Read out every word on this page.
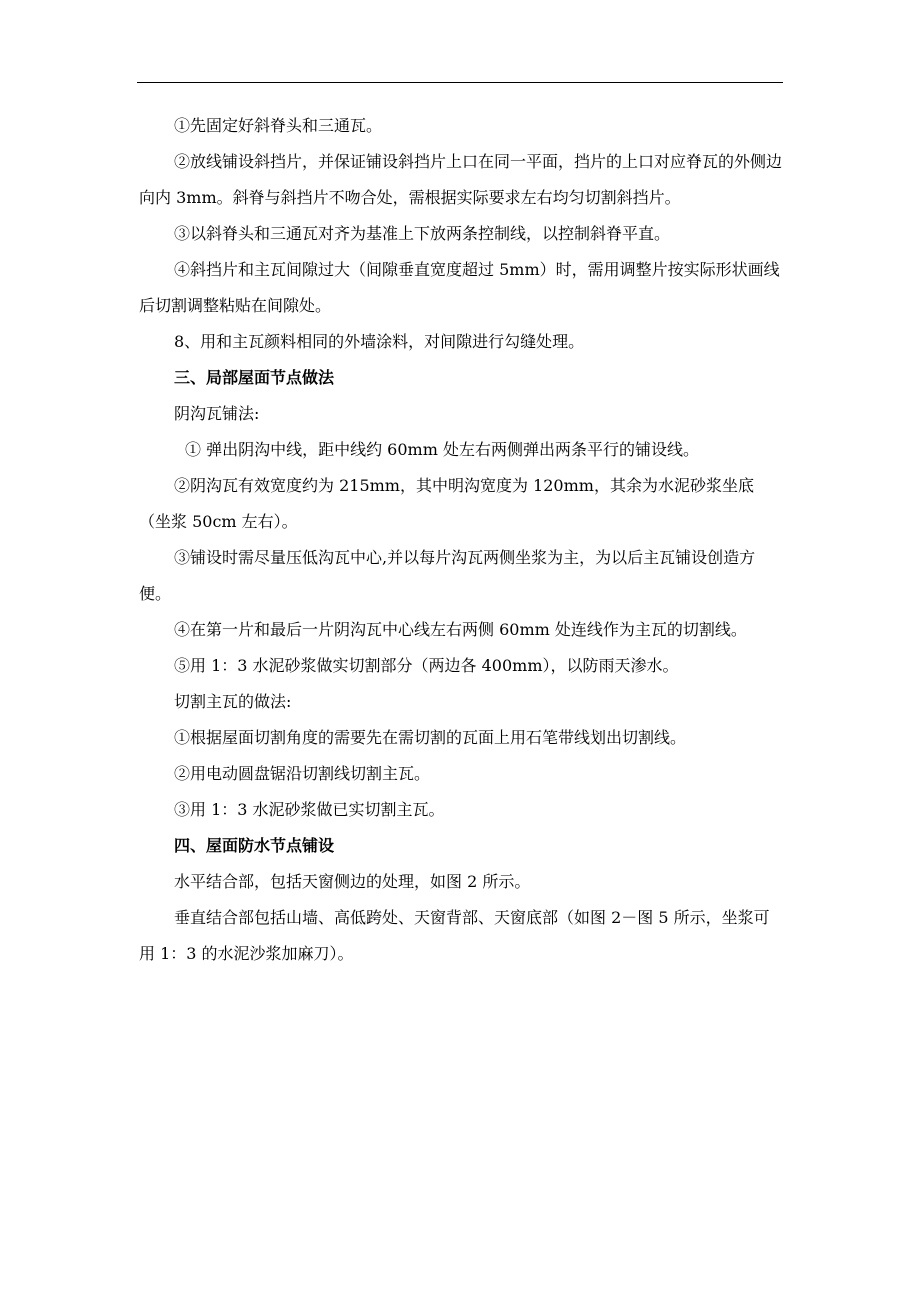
①先固定好斜脊头和三通瓦。

②放线铺设斜挡片，并保证铺设斜挡片上口在同一平面，挡片的上口对应脊瓦的外侧边向内 3mm。斜脊与斜挡片不吻合处，需根据实际要求左右均匀切割斜挡片。

③以斜脊头和三通瓦对齐为基准上下放两条控制线，以控制斜脊平直。

④斜挡片和主瓦间隙过大（间隙垂直宽度超过 5mm）时，需用调整片按实际形状画线后切割调整粘贴在间隙处。

8、用和主瓦颜料相同的外墙涂料，对间隙进行勾缝处理。

三、局部屋面节点做法

阴沟瓦铺法:

① 弹出阴沟中线，距中线约 60mm 处左右两侧弹出两条平行的铺设线。

②阴沟瓦有效宽度约为 215mm，其中明沟宽度为 120mm，其余为水泥砂浆坐底（坐浆 50cm 左右）。

③铺设时需尽量压低沟瓦中心,并以每片沟瓦两侧坐浆为主，为以后主瓦铺设创造方便。

④在第一片和最后一片阴沟瓦中心线左右两侧 60mm 处连线作为主瓦的切割线。

⑤用 1：3 水泥砂浆做实切割部分（两边各 400mm），以防雨天渗水。

切割主瓦的做法:

①根据屋面切割角度的需要先在需切割的瓦面上用石笔带线划出切割线。

②用电动圆盘锯沿切割线切割主瓦。

③用 1：3 水泥砂浆做已实切割主瓦。

四、屋面防水节点铺设

水平结合部，包括天窗侧边的处理，如图 2 所示。

垂直结合部包括山墙、高低跨处、天窗背部、天窗底部（如图 2－图 5 所示，坐浆可用 1：3 的水泥沙浆加麻刀）。
